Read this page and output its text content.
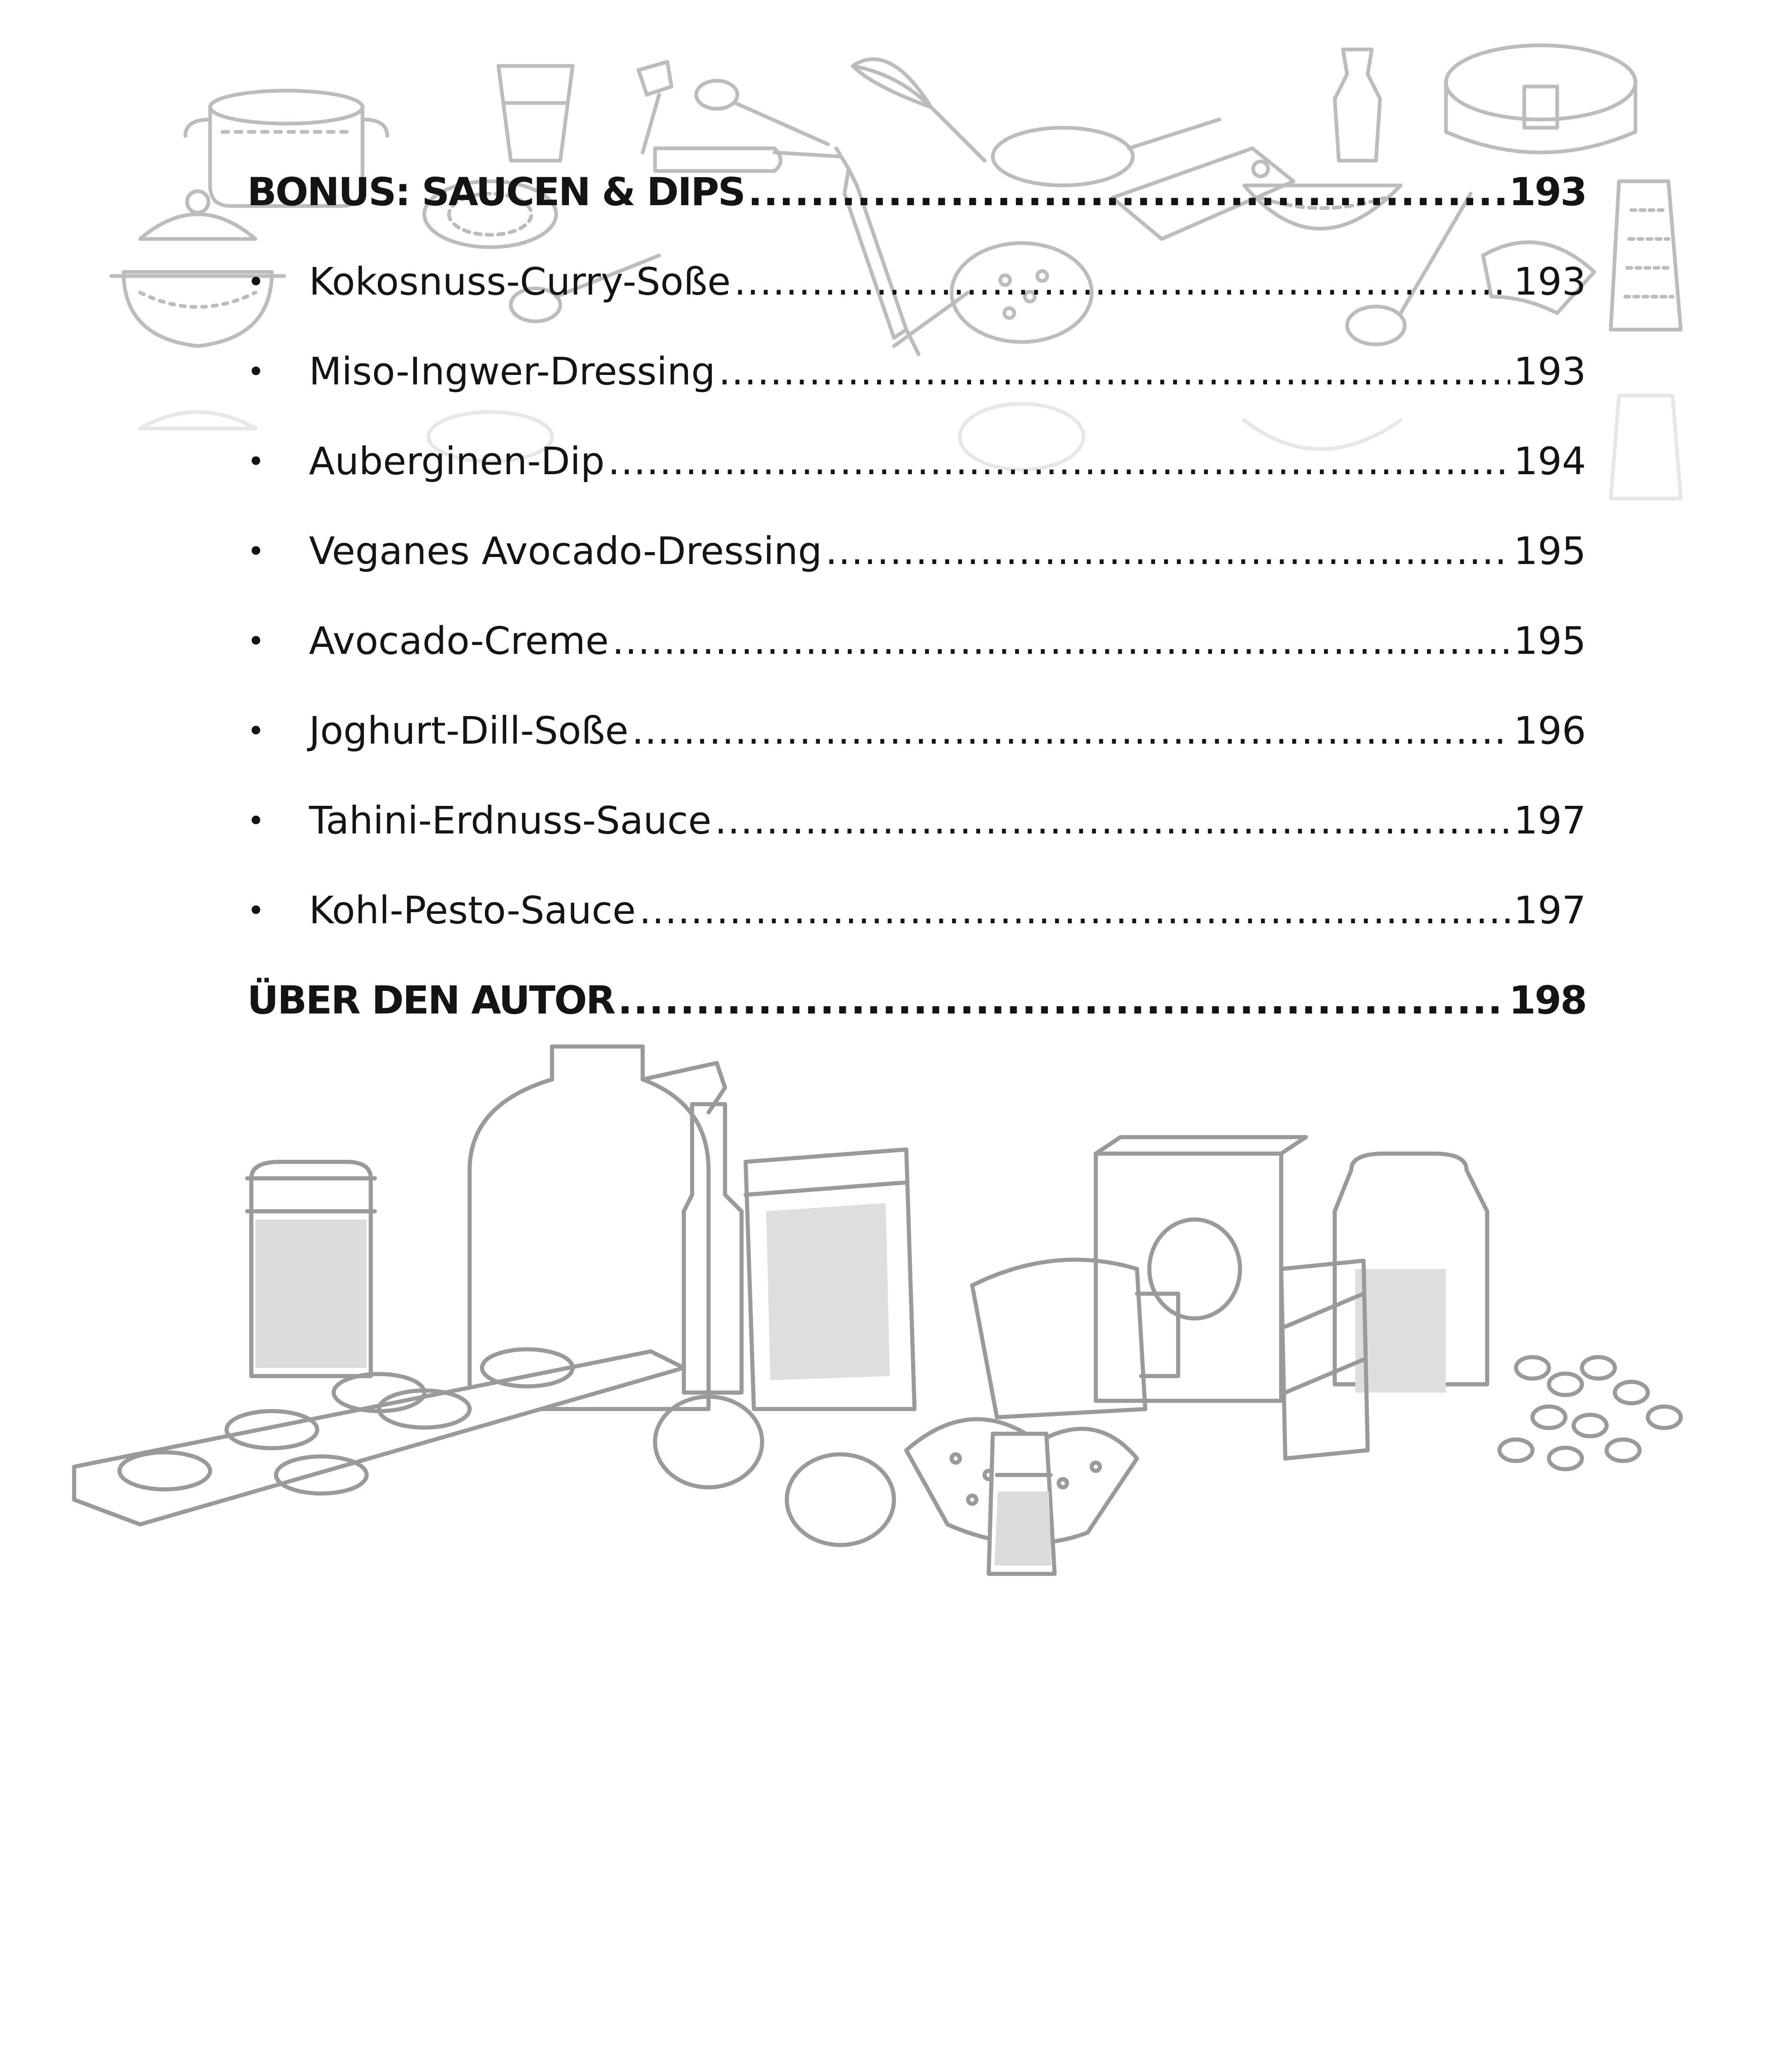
BONUS: SAUCEN & DIPS .....	193
•	Kokosnuss-Curry-Soße .....	193
•	Miso-Ingwer-Dressing .....	193
•	Auberginen-Dip .....	194
•	Veganes Avocado-Dressing .....	195
•	Avocado-Creme .....	195
•	Joghurt-Dill-Soße .....	196
•	Tahini-Erdnuss-Sauce .....	197
•	Kohl-Pesto-Sauce .....	197
ÜBER DEN AUTOR .....	198
